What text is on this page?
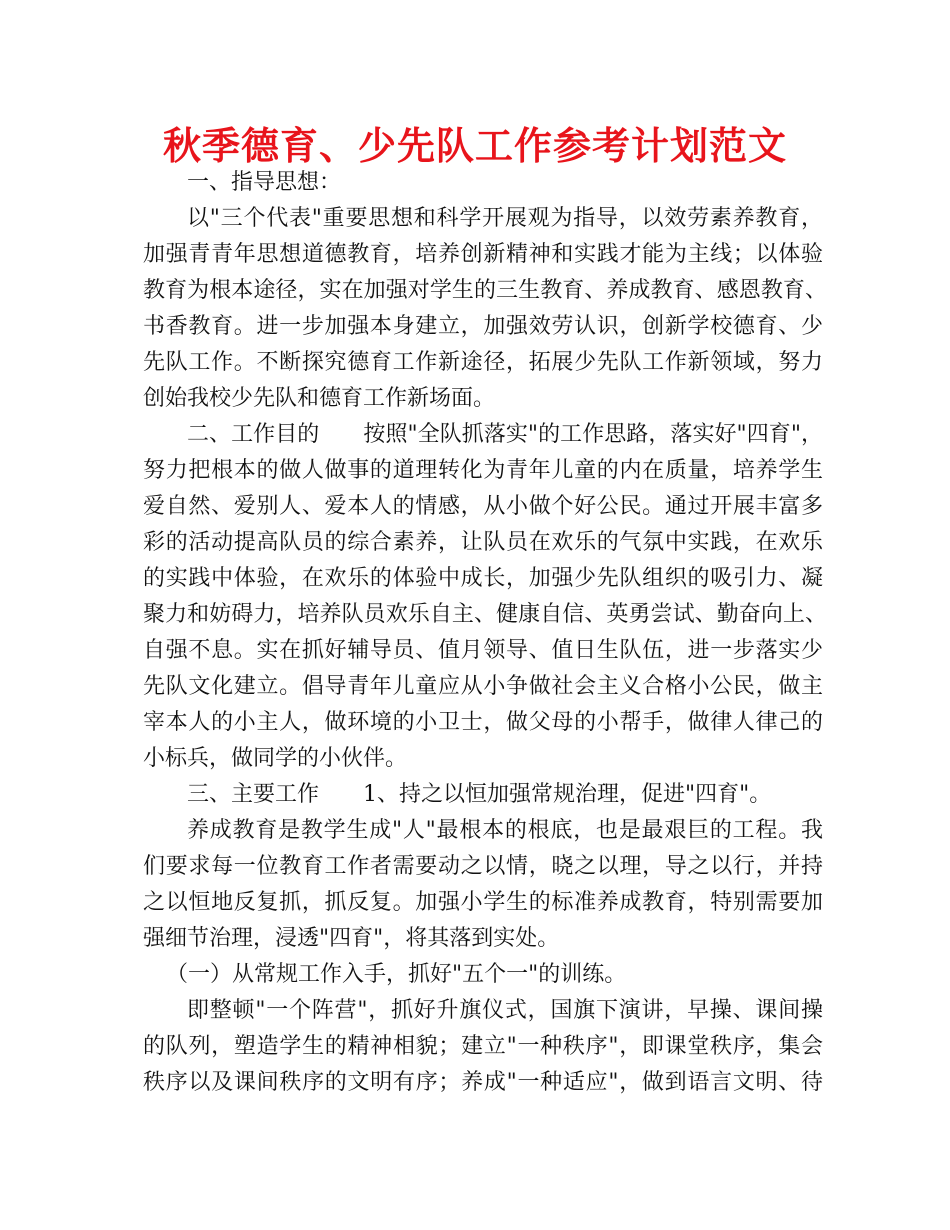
秋季德育、少先队工作参考计划范文
一、指导思想：
以"三个代表"重要思想和科学开展观为指导，以效劳素养教育，
加强青青年思想道德教育，培养创新精神和实践才能为主线；以体验
教育为根本途径，实在加强对学生的三生教育、养成教育、感恩教育、
书香教育。进一步加强本身建立，加强效劳认识，创新学校德育、少
先队工作。不断探究德育工作新途径，拓展少先队工作新领域，努力
创始我校少先队和德育工作新场面。
二、工作目的　　按照"全队抓落实"的工作思路，落实好"四育"，
努力把根本的做人做事的道理转化为青年儿童的内在质量，培养学生
爱自然、爱别人、爱本人的情感，从小做个好公民。通过开展丰富多
彩的活动提高队员的综合素养，让队员在欢乐的气氛中实践，在欢乐
的实践中体验，在欢乐的体验中成长，加强少先队组织的吸引力、凝
聚力和妨碍力，培养队员欢乐自主、健康自信、英勇尝试、勤奋向上、
自强不息。实在抓好辅导员、值月领导、值日生队伍，进一步落实少
先队文化建立。倡导青年儿童应从小争做社会主义合格小公民，做主
宰本人的小主人，做环境的小卫士，做父母的小帮手，做律人律己的
小标兵，做同学的小伙伴。
三、主要工作　　1、持之以恒加强常规治理，促进"四育"。
养成教育是教学生成"人"最根本的根底，也是最艰巨的工程。我
们要求每一位教育工作者需要动之以情，晓之以理，导之以行，并持
之以恒地反复抓，抓反复。加强小学生的标准养成教育，特别需要加
强细节治理，浸透"四育"，将其落到实处。
（一）从常规工作入手，抓好"五个一"的训练。
即整顿"一个阵营"，抓好升旗仪式，国旗下演讲，早操、课间操
的队列，塑造学生的精神相貌；建立"一种秩序"，即课堂秩序，集会
秩序以及课间秩序的文明有序；养成"一种适应"，做到语言文明、待
